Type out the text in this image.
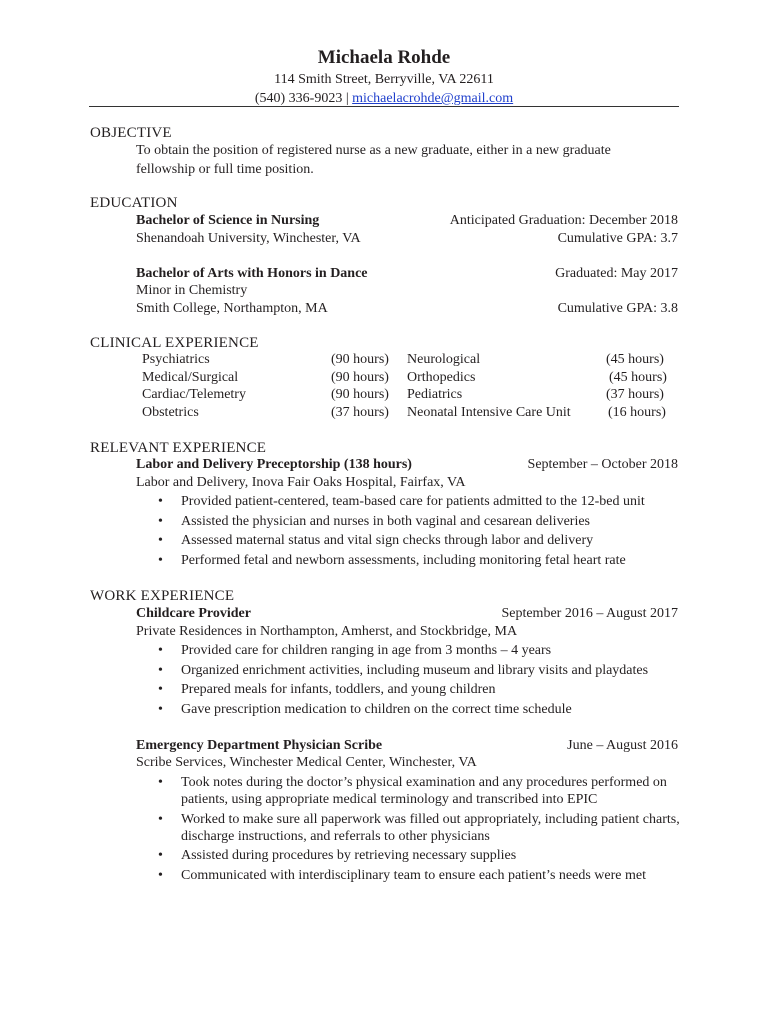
Michaela Rohde
114 Smith Street, Berryville, VA 22611
(540) 336-9023 | michaelacrohde@gmail.com
OBJECTIVE
To obtain the position of registered nurse as a new graduate, either in a new graduate
fellowship or full time position.
EDUCATION
Bachelor of Science in Nursing	Anticipated Graduation: December 2018
Shenandoah University, Winchester, VA	Cumulative GPA: 3.7
Bachelor of Arts with Honors in Dance	Graduated: May 2017
Minor in Chemistry
Smith College, Northampton, MA	Cumulative GPA: 3.8
CLINICAL EXPERIENCE
Psychiatrics	(90 hours) Neurological	(45 hours)
Medical/Surgical	(90 hours) Orthopedics	(45 hours)
Cardiac/Telemetry	(90 hours) Pediatrics	(37 hours)
Obstetrics	(37 hours) Neonatal Intensive Care Unit	(16 hours)
RELEVANT EXPERIENCE
Labor and Delivery Preceptorship (138 hours)	September – October 2018
Labor and Delivery, Inova Fair Oaks Hospital, Fairfax, VA
• Provided patient-centered, team-based care for patients admitted to the 12-bed unit
• Assisted the physician and nurses in both vaginal and cesarean deliveries
• Assessed maternal status and vital sign checks through labor and delivery
• Performed fetal and newborn assessments, including monitoring fetal heart rate
WORK EXPERIENCE
Childcare Provider	September 2016 – August 2017
Private Residences in Northampton, Amherst, and Stockbridge, MA
• Provided care for children ranging in age from 3 months – 4 years
• Organized enrichment activities, including museum and library visits and playdates
• Prepared meals for infants, toddlers, and young children
• Gave prescription medication to children on the correct time schedule
Emergency Department Physician Scribe	June – August 2016
Scribe Services, Winchester Medical Center, Winchester, VA
• Took notes during the doctor’s physical examination and any procedures performed on patients, using appropriate medical terminology and transcribed into EPIC
• Worked to make sure all paperwork was filled out appropriately, including patient charts, discharge instructions, and referrals to other physicians
• Assisted during procedures by retrieving necessary supplies
• Communicated with interdisciplinary team to ensure each patient’s needs were met
